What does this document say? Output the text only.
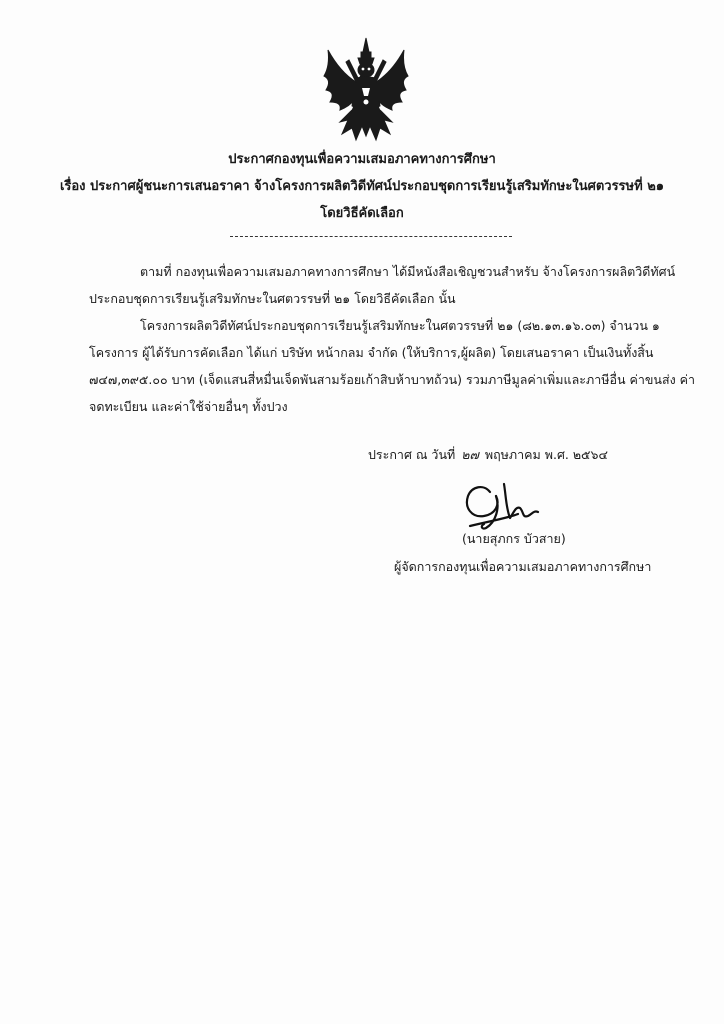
ประกาศกองทุนเพื่อความเสมอภาคทางการศึกษา
เรื่อง ประกาศผู้ชนะการเสนอราคา จ้างโครงการผลิตวิดีทัศน์ประกอบชุดการเรียนรู้เสริมทักษะในศตวรรษที่ ๒๑
โดยวิธีคัดเลือก
ตามที่ กองทุนเพื่อความเสมอภาคทางการศึกษา ได้มีหนังสือเชิญชวนสำหรับ จ้างโครงการผลิตวิดีทัศน์
ประกอบชุดการเรียนรู้เสริมทักษะในศตวรรษที่ ๒๑ โดยวิธีคัดเลือก นั้น
โครงการผลิตวิดีทัศน์ประกอบชุดการเรียนรู้เสริมทักษะในศตวรรษที่ ๒๑ (๘๒.๑๓.๑๖.๐๓) จำนวน ๑
โครงการ ผู้ได้รับการคัดเลือก ได้แก่ บริษัท หน้ากลม จำกัด (ให้บริการ,ผู้ผลิต) โดยเสนอราคา เป็นเงินทั้งสิ้น
๗๔๗,๓๙๕.๐๐ บาท (เจ็ดแสนสี่หมื่นเจ็ดพันสามร้อยเก้าสิบห้าบาทถ้วน) รวมภาษีมูลค่าเพิ่มและภาษีอื่น ค่าขนส่ง ค่า
จดทะเบียน และค่าใช้จ่ายอื่นๆ ทั้งปวง
ประกาศ ณ วันที่ ๒๗ พฤษภาคม พ.ศ. ๒๕๖๔
(นายสุภกร บัวสาย)
ผู้จัดการกองทุนเพื่อความเสมอภาคทางการศึกษา
